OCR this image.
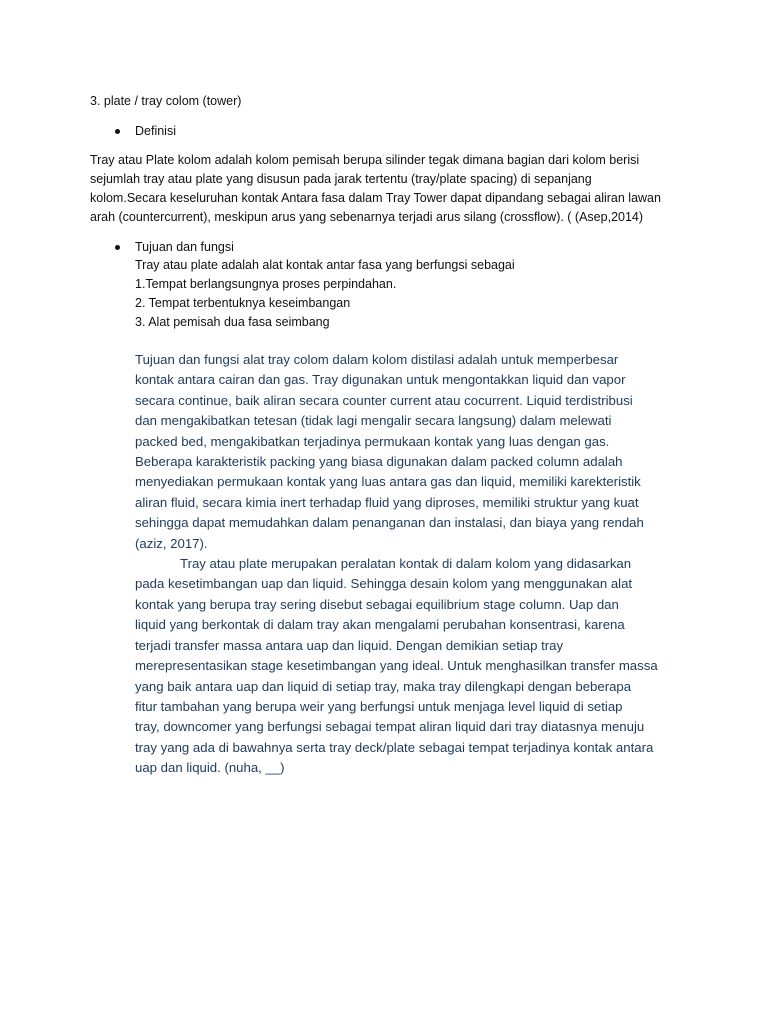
3. plate / tray colom (tower)
Definisi
Tray atau Plate kolom adalah kolom pemisah berupa silinder tegak dimana bagian dari kolom berisi
sejumlah tray atau plate yang disusun pada jarak tertentu (tray/plate spacing) di sepanjang
kolom.Secara keseluruhan kontak Antara fasa dalam Tray Tower dapat dipandang sebagai aliran lawan
arah (countercurrent), meskipun arus yang sebenarnya terjadi arus silang (crossflow). ( (Asep,2014)
Tujuan dan fungsi
Tray atau plate adalah alat kontak antar fasa yang berfungsi sebagai
1.Tempat berlangsungnya proses perpindahan.
2. Tempat terbentuknya keseimbangan
3. Alat pemisah dua fasa seimbang
Tujuan dan fungsi alat tray colom dalam kolom distilasi adalah untuk memperbesar
kontak antara cairan dan gas. Tray digunakan untuk mengontakkan liquid dan vapor
secara continue, baik aliran secara counter current atau cocurrent. Liquid terdistribusi
dan mengakibatkan tetesan (tidak lagi mengalir secara langsung) dalam melewati
packed bed, mengakibatkan terjadinya permukaan kontak yang luas dengan gas.
Beberapa karakteristik packing yang biasa digunakan dalam packed column adalah
menyediakan permukaan kontak yang luas antara gas dan liquid, memiliki karekteristik
aliran fluid, secara kimia inert terhadap fluid yang diproses, memiliki struktur yang kuat
sehingga dapat memudahkan dalam penanganan dan instalasi, dan biaya yang rendah
(aziz, 2017).
Tray atau plate merupakan peralatan kontak di dalam kolom yang didasarkan
pada kesetimbangan uap dan liquid. Sehingga desain kolom yang menggunakan alat
kontak yang berupa tray sering disebut sebagai equilibrium stage column. Uap dan
liquid yang berkontak di dalam tray akan mengalami perubahan konsentrasi, karena
terjadi transfer massa antara uap dan liquid. Dengan demikian setiap tray
merepresentasikan stage kesetimbangan yang ideal. Untuk menghasilkan transfer massa
yang baik antara uap dan liquid di setiap tray, maka tray dilengkapi dengan beberapa
fitur tambahan yang berupa weir yang berfungsi untuk menjaga level liquid di setiap
tray, downcomer yang berfungsi sebagai tempat aliran liquid dari tray diatasnya menuju
tray yang ada di bawahnya serta tray deck/plate sebagai tempat terjadinya kontak antara
uap dan liquid. (nuha, __)
